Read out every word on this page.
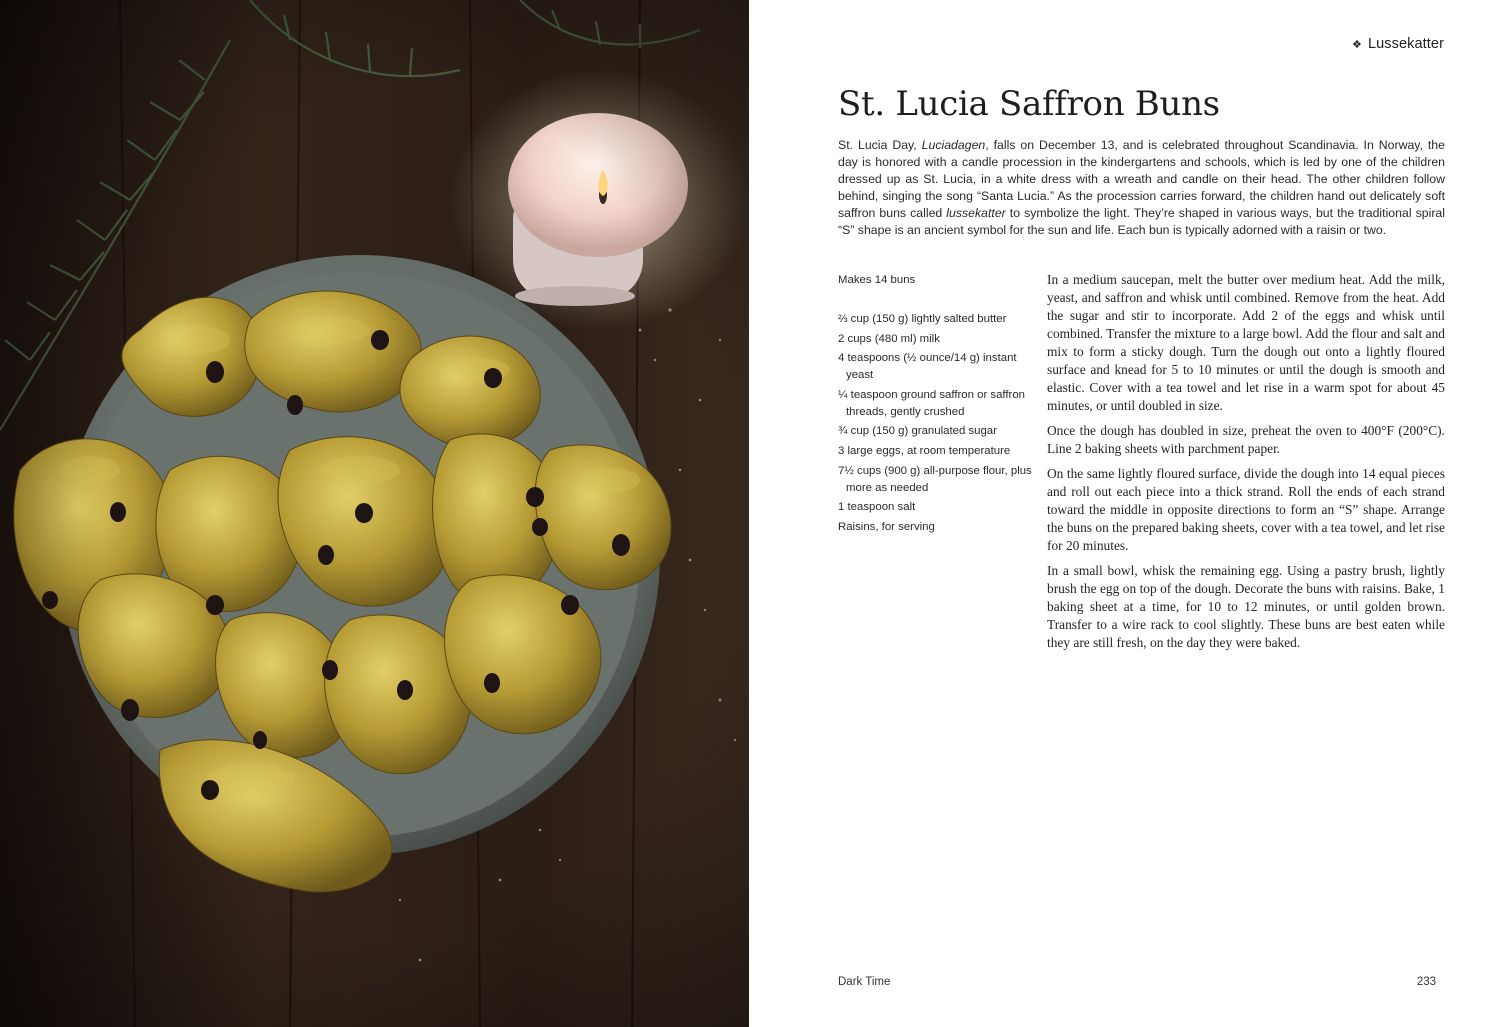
❖ Lussekatter
St. Lucia Saffron Buns

St. Lucia Day, Luciadagen, falls on December 13, and is celebrated throughout Scandinavia. In Norway, the day is honored with a candle procession in the kindergartens and schools, which is led by one of the children dressed up as St. Lucia, in a white dress with a wreath and candle on their head. The other children follow behind, singing the song “Santa Lucia.” As the procession carries forward, the children hand out delicately soft saffron buns called lussekatter to symbolize the light. They’re shaped in various ways, but the traditional spiral “S” shape is an ancient symbol for the sun and life. Each bun is typically adorned with a raisin or two.

Makes 14 buns
⅔ cup (150 g) lightly salted butter
2 cups (480 ml) milk
4 teaspoons (½ ounce/14 g) instant yeast
¼ teaspoon ground saffron or saffron threads, gently crushed
¾ cup (150 g) granulated sugar
3 large eggs, at room temperature
7½ cups (900 g) all-purpose flour, plus more as needed
1 teaspoon salt
Raisins, for serving

In a medium saucepan, melt the butter over medium heat. Add the milk, yeast, and saffron and whisk until combined. Remove from the heat. Add the sugar and stir to incorporate. Add 2 of the eggs and whisk until combined. Transfer the mixture to a large bowl. Add the flour and salt and mix to form a sticky dough. Turn the dough out onto a lightly floured surface and knead for 5 to 10 minutes or until the dough is smooth and elastic. Cover with a tea towel and let rise in a warm spot for about 45 minutes, or until doubled in size.

Once the dough has doubled in size, preheat the oven to 400°F (200°C). Line 2 baking sheets with parchment paper.

On the same lightly floured surface, divide the dough into 14 equal pieces and roll out each piece into a thick strand. Roll the ends of each strand toward the middle in opposite directions to form an “S” shape. Arrange the buns on the prepared baking sheets, cover with a tea towel, and let rise for 20 minutes.

In a small bowl, whisk the remaining egg. Using a pastry brush, lightly brush the egg on top of the dough. Decorate the buns with raisins. Bake, 1 baking sheet at a time, for 10 to 12 minutes, or until golden brown. Transfer to a wire rack to cool slightly. These buns are best eaten while they are still fresh, on the day they were baked.

Dark Time	233
